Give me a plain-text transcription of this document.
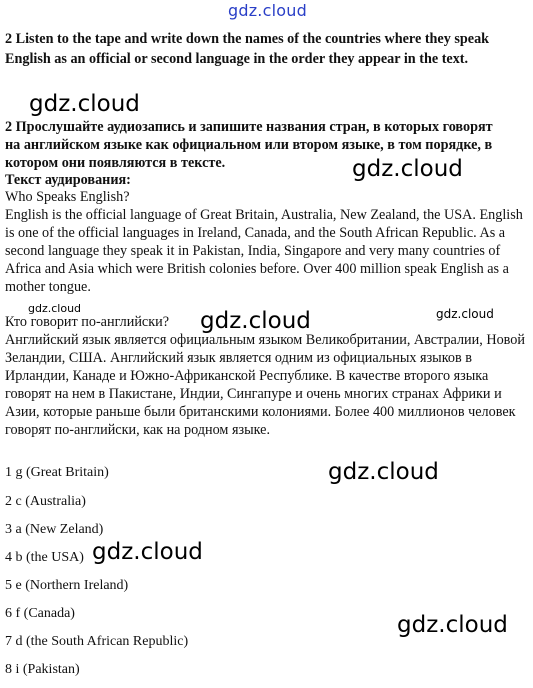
gdz.cloud
2 Listen to the tape and write down the names of the countries where they speak English as an official or second language in the order they appear in the text.
gdz.cloud
2 Прослушайте аудиозапись и запишите названия стран, в которых говорят на английском языке как официальном или втором языке, в том порядке, в котором они появляются в тексте.	gdz.cloud
Текст аудирования:
Who Speaks English?
English is the official language of Great Britain, Australia, New Zealand, the USA. English is one of the official languages in Ireland, Canada, and the South African Republic. As a second language they speak it in Pakistan, India, Singapore and very many countries of Africa and Asia which were British colonies before. Over 400 million speak English as a mother tongue.
gdz.cloud	gdz.cloud
Кто говорит по-английски? gdz.cloud
Английский язык является официальным языком Великобритании, Австралии, Новой Зеландии, США. Английский язык является одним из официальных языков в Ирландии, Канаде и Южно-Африканской Республике. В качестве второго языка говорят на нем в Пакистане, Индии, Сингапуре и очень многих странах Африки и Азии, которые раньше были британскими колониями. Более 400 миллионов человек говорят по-английски, как на родном языке.
1 g (Great Britain)
2 c (Australia)
3 a (New Zeland)
4 b (the USA)
5 e (Northern Ireland)
6 f (Canada)
7 d (the South African Republic)
8 i (Pakistan)
gdz.cloud
gdz.cloud
gdz.cloud
